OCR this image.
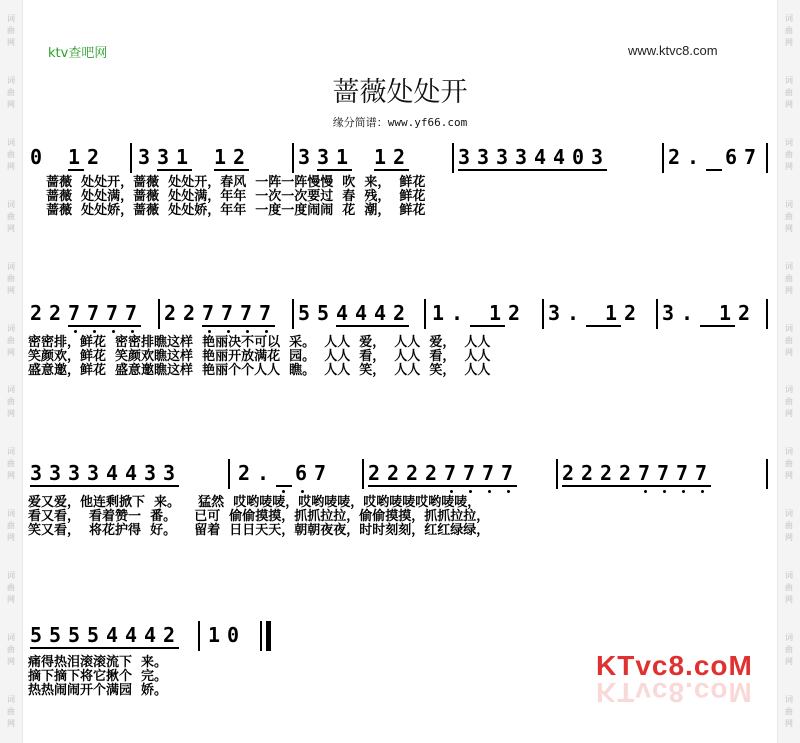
词
曲
网
词
曲
网
词
曲
网
词
曲
网
词
曲
网
词
曲
网
词
曲
网
词
曲
网
词
曲
网
词
曲
网
词
曲
网
词
曲
网
词
曲
网
词
曲
网
词
曲
网
词
曲
网
词
曲
网
词
曲
网
词
曲
网
词
曲
网
词
曲
网
词
曲
网
词
曲
网
词
曲
网
ktv查吧网	www.ktvc8.com
蔷薇处处开
缘分简谱：www.yf66.com
0 1 2 3 3 1 1 2	3 3 1 1 2	3 3 3 3 4 4 0 3	2 . 6 7
蔷薇  处处开，蔷薇  处处开，春风  一阵一阵慢慢  吹  来，  鲜花
蔷薇  处处满，蔷薇  处处满，年年  一次一次要过  春  残，  鲜花
蔷薇  处处娇，蔷薇  处处娇，年年  一度一度闹闹  花  潮，  鲜花
2 2 7 7 7 7 2 2 7 7 7 7 5 5 4 4 4 2 1 . 1 2 3 . 1 2 3 . 1 2
密密排，鲜花  密密排瞧这样  艳丽决不可以  采。  人人  爱，  人人  爱，  人人
笑颜欢，鲜花  笑颜欢瞧这样  艳丽开放满花  园。  人人  看，  人人  看，  人人
盛意邀，鲜花  盛意邀瞧这样  艳丽个个人人  瞧。  人人  笑，  人人  笑，  人人
3 3 3 3 4 4 3 3	2 . 6 7 2 2 2 2 7 7 7 7 2 2 2 2 7 7 7 7
爱又爱，他连剩掀下  来。    猛然  哎哟唛唛，哎哟唛唛，哎哟唛唛哎哟唛唛，
看又看，  看着赞一  番。    已可  偷偷摸摸，抓抓拉拉，偷偷摸摸，抓抓拉拉，
笑又看，  将花护得  好。    留着  日日天天，朝朝夜夜，时时刻刻，红红绿绿，
5 5 5 5 4 4 4 2 1 0
痛得热泪滚滚流下  来。
摘下摘下将它揪个  完。
热热闹闹开个满园  娇。
KTvc8.coM
KTvc8.coM
